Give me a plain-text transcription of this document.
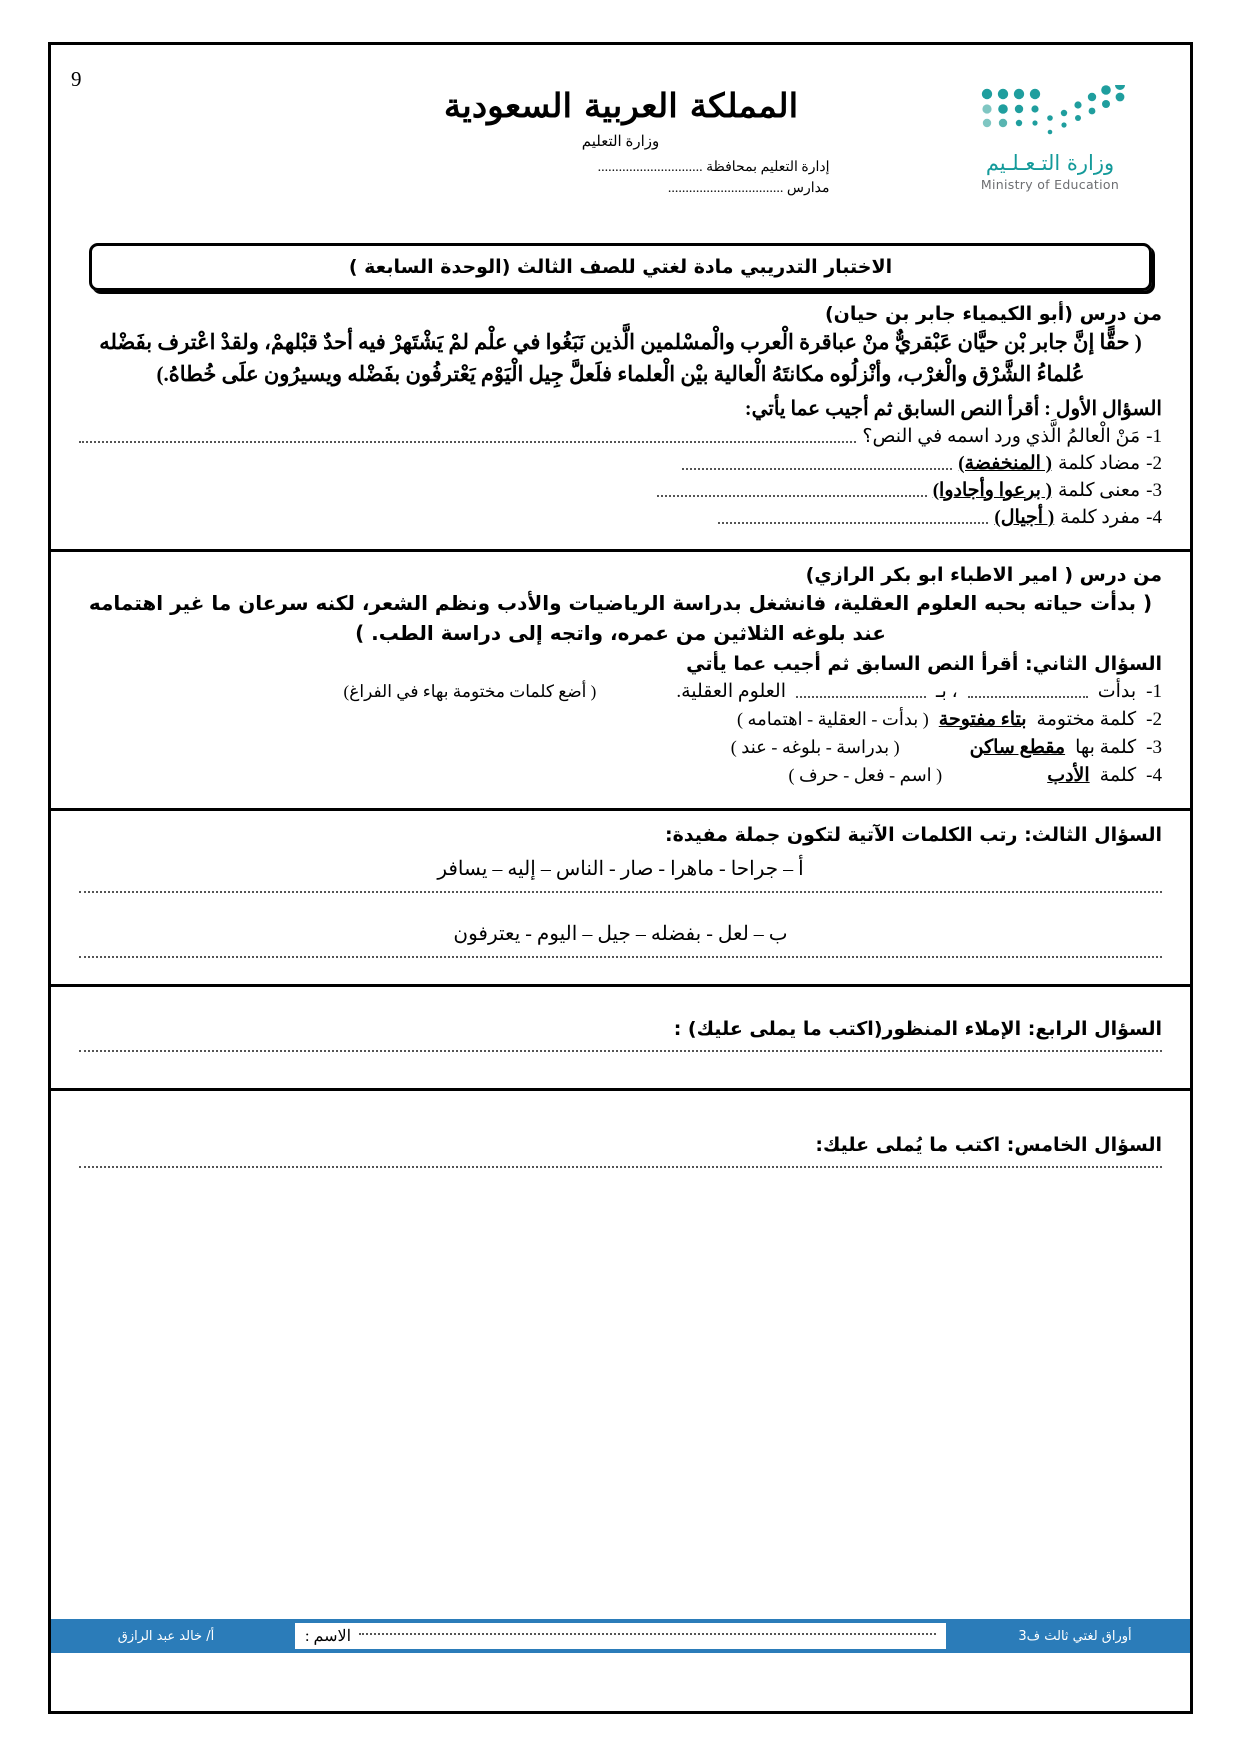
9
المملكة العربية السعودية
وزارة التعليم
إدارة التعليم بمحافظة ..............................
مدارس .................................
وزارة التـعـلـيم
Ministry of Education
الاختبار التدريبي مادة لغتي للصف الثالث (الوحدة السابعة )
من درس (أبو الكيمياء جابر بن حيان)
( حقًّا إنَّ جابر بْن حيَّان عَبْقريٌّ منْ عباقرة الْعرب والْمسْلمين الَّذين نَبَغُوا في علْم لمْ يَشْتَهرْ فيه أحدٌ قبْلهمْ، ولقدْ اعْترف بفَضْله عُلماءُ الشَّرْق والْغرْب، وأنْزلُوه مكانتَهُ الْعالية بيْن الْعلماء فلَعلَّ جِيل الْيَوْم يَعْترفُون بفَضْله ويسيرُون علَى خُطاهُ.)
السؤال الأول : أقرأ النص السابق ثم أجيب عما يأتي:
1-
مَنْ الْعالمُ الَّذي ورد اسمه في النص؟
2-
مضاد كلمة
( المنخفضة)
3-
معنى كلمة
( برعوا وأجادوا)
4-
مفرد كلمة
( أجيال)
من درس ( امير الاطباء ابو بكر الرازي)
( بدأت حياته بحبه العلوم العقلية، فانشغل بدراسة الرياضيات والأدب ونظم الشعر، لكنه سرعان ما غير اهتمامه عند بلوغه الثلاثين من عمره، واتجه إلى دراسة الطب. )
السؤال الثاني: أقرأ النص السابق ثم أجيب عما يأتي
1-
بدأت
، بـ
العلوم العقلية.
( أضع كلمات مختومة بهاء في الفراغ)
2-
كلمة مختومة
بتاء مفتوحة
( بدأت - العقلية - اهتمامه )
3-
كلمة بها
مقطع ساكن
( بدراسة - بلوغه - عند )
4-
كلمة
الأدب
( اسم - فعل - حرف )
السؤال الثالث: رتب الكلمات الآتية لتكون جملة مفيدة:
أ – جراحا - ماهرا - صار - الناس – إليه – يسافر
ب – لعل - بفضله – جيل – اليوم - يعترفون
السؤال الرابع: الإملاء المنظور(اكتب ما يملى عليك) :
السؤال الخامس: اكتب ما يُملى عليك:
أوراق لغتي ثالث ف3
الاسم :
أ/ خالد عبد الرازق
